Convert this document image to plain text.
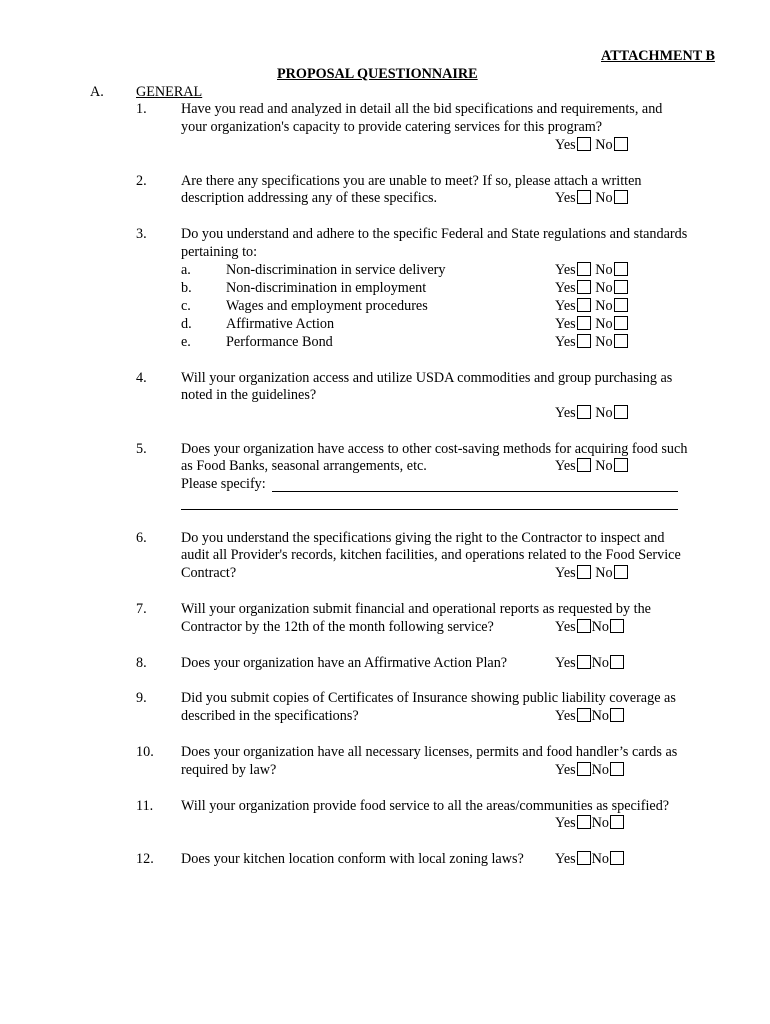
ATTACHMENT B
PROPOSAL QUESTIONNAIRE
A. GENERAL
1. Have you read and analyzed in detail all the bid specifications and requirements, and
your organization's capacity to provide catering services for this program?
Yes No
2. Are there any specifications you are unable to meet? If so, please attach a written
description addressing any of these specifics.	Yes No
3. Do you understand and adhere to the specific Federal and State regulations and standards
pertaining to:
a. Non-discrimination in service delivery	Yes No
b. Non-discrimination in employment	Yes No
c. Wages and employment procedures	Yes No
d. Affirmative Action	Yes No
e. Performance Bond	Yes No
4. Will your organization access and utilize USDA commodities and group purchasing as
noted in the guidelines?
Yes No
5. Does your organization have access to other cost-saving methods for acquiring food such
as Food Banks, seasonal arrangements, etc.	Yes No
Please specify:
6. Do you understand the specifications giving the right to the Contractor to inspect and
audit all Provider's records, kitchen facilities, and operations related to the Food Service
Contract?	Yes No
7. Will your organization submit financial and operational reports as requested by the
Contractor by the 12th of the month following service?	Yes No
8. Does your organization have an Affirmative Action Plan?	Yes No
9. Did you submit copies of Certificates of Insurance showing public liability coverage as
described in the specifications?	Yes No
10. Does your organization have all necessary licenses, permits and food handler’s cards as
required by law?	Yes No
11. Will your organization provide food service to all the areas/communities as specified?
Yes No
12. Does your kitchen location conform with local zoning laws? Yes No
